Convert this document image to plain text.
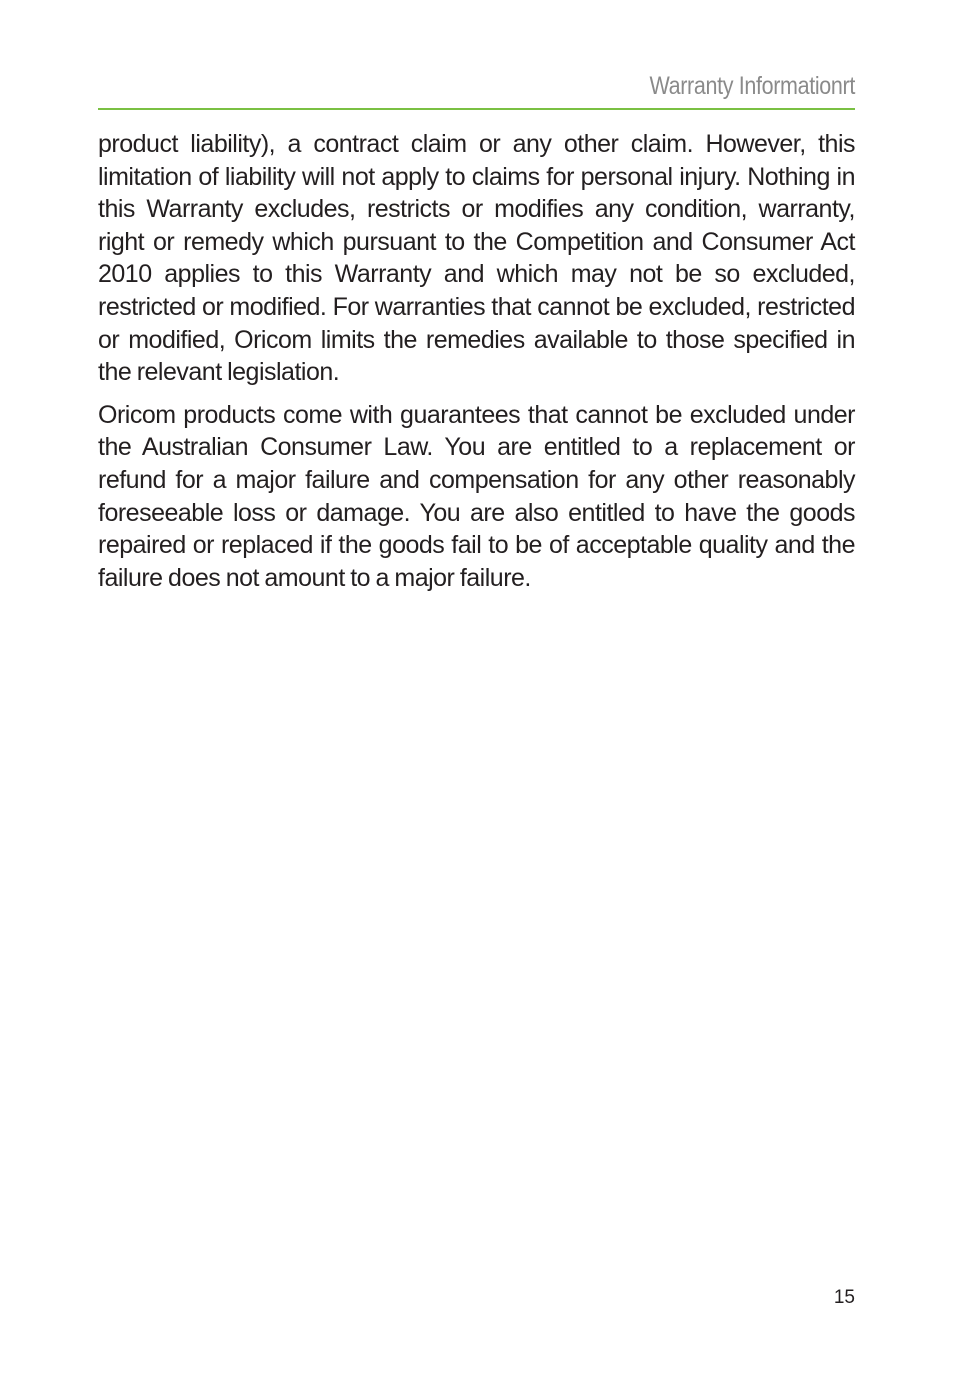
Warranty Informationrt

product liability), a contract claim or any other claim. However, this limitation of liability will not apply to claims for personal injury. Nothing in this Warranty excludes, restricts or modifies any condition, warranty, right or remedy which pursuant to the Competition and Consumer Act 2010 applies to this Warranty and which may not be so excluded, restricted or modified. For warranties that cannot be excluded, restricted or modified, Oricom limits the remedies available to those specified in the relevant legislation.

Oricom products come with guarantees that cannot be excluded under the Australian Consumer Law. You are entitled to a replacement or refund for a major failure and compensation for any other reasonably foreseeable loss or damage. You are also entitled to have the goods repaired or replaced if the goods fail to be of acceptable quality and the failure does not amount to a major failure.

15
